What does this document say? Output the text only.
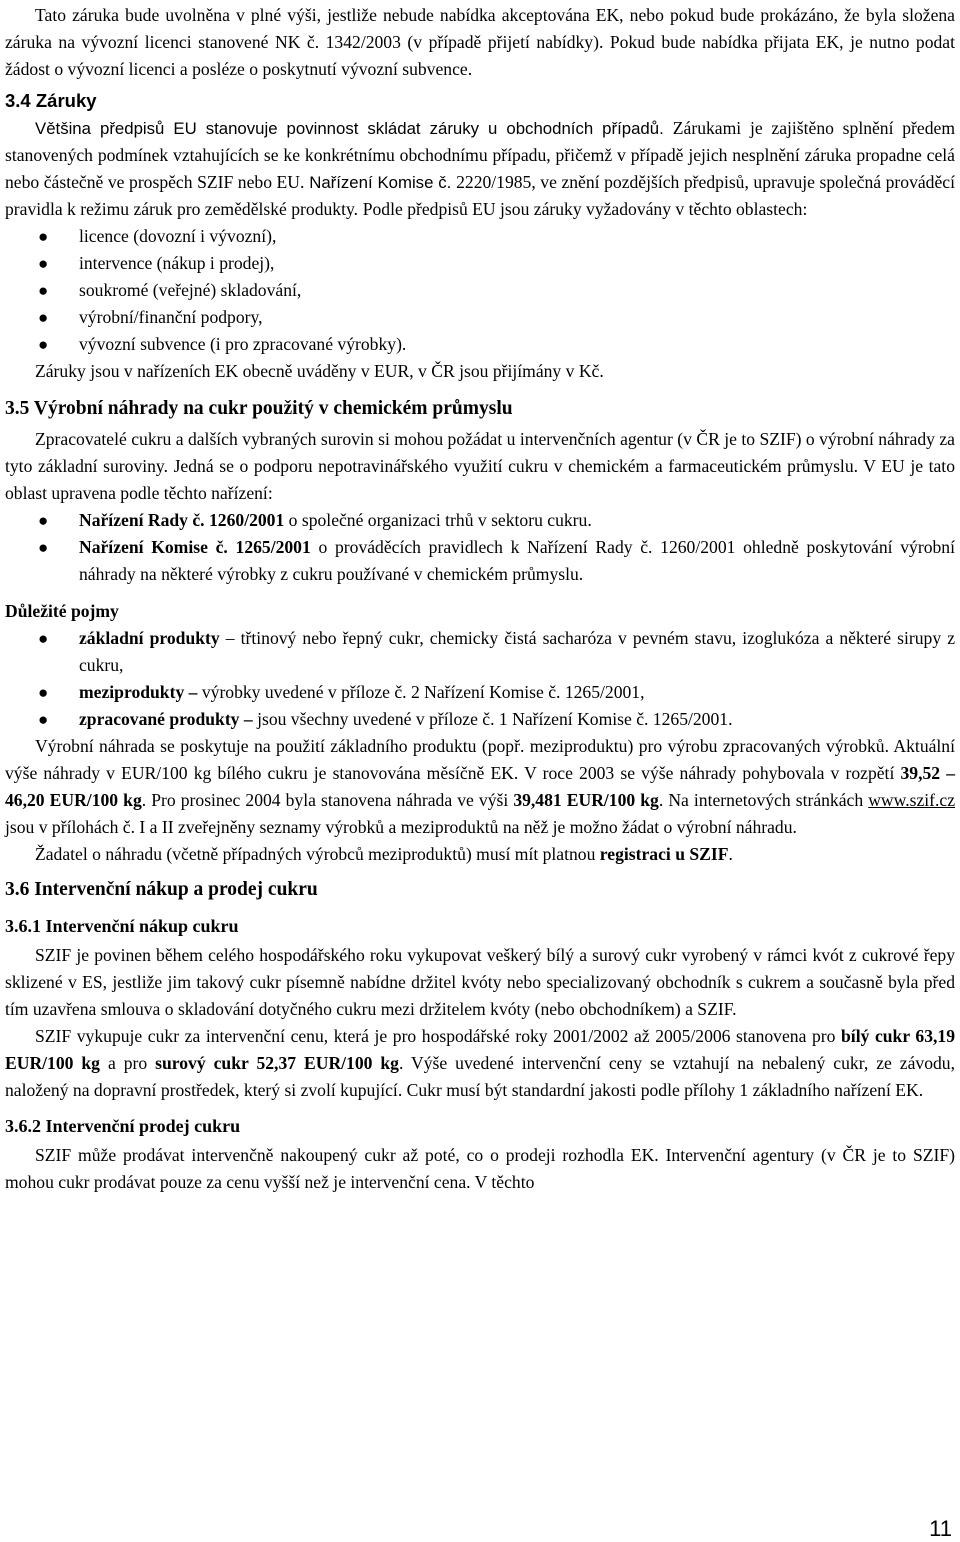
Tato záruka bude uvolněna v plné výši, jestliže nebude nabídka akceptována EK, nebo pokud bude prokázáno, že byla složena záruka na vývozní licenci stanovené NK č. 1342/2003 (v případě přijetí nabídky). Pokud bude nabídka přijata EK, je nutno podat žádost o vývozní licenci a posléze o poskytnutí vývozní subvence.

3.4 Záruky

Většina předpisů EU stanovuje povinnost skládat záruky u obchodních případů. Zárukami je zajištěno splnění předem stanovených podmínek vztahujících se ke konkrétnímu obchodnímu případu, přičemž v případě jejich nesplnění záruka propadne celá nebo částečně ve prospěch SZIF nebo EU. Nařízení Komise č. 2220/1985, ve znění pozdějších předpisů, upravuje společná prováděcí pravidla k režimu záruk pro zemědělské produkty. Podle předpisů EU jsou záruky vyžadovány v těchto oblastech:

● licence (dovozní i vývozní),
● intervence (nákup i prodej),
● soukromé (veřejné) skladování,
● výrobní/finanční podpory,
● vývozní subvence (i pro zpracované výrobky).

Záruky jsou v nařízeních EK obecně uváděny v EUR, v ČR jsou přijímány v Kč.

3.5 Výrobní náhrady na cukr použitý v chemickém průmyslu

Zpracovatelé cukru a dalších vybraných surovin si mohou požádat u intervenčních agentur (v ČR je to SZIF) o výrobní náhrady za tyto základní suroviny. Jedná se o podporu nepotravinářského využití cukru v chemickém a farmaceutickém průmyslu. V EU je tato oblast upravena podle těchto nařízení:

● Nařízení Rady č. 1260/2001 o společné organizaci trhů v sektoru cukru.
● Nařízení Komise č. 1265/2001 o prováděcích pravidlech k Nařízení Rady č. 1260/2001 ohledně poskytování výrobní náhrady na některé výrobky z cukru používané v chemickém průmyslu.
Důležité pojmy
● základní produkty – třtinový nebo řepný cukr, chemicky čistá sacharóza v pevném stavu, izoglukóza a některé sirupy z cukru,
● meziprodukty – výrobky uvedené v příloze č. 2 Nařízení Komise č. 1265/2001,
● zpracované produkty – jsou všechny uvedené v příloze č. 1 Nařízení Komise č. 1265/2001.

Výrobní náhrada se poskytuje na použití základního produktu (popř. meziproduktu) pro výrobu zpracovaných výrobků. Aktuální výše náhrady v EUR/100 kg bílého cukru je stanovována měsíčně EK. V roce 2003 se výše náhrady pohybovala v rozpětí 39,52 – 46,20 EUR/100 kg. Pro prosinec 2004 byla stanovena náhrada ve výši 39,481 EUR/100 kg. Na internetových stránkách www.szif.cz jsou v přílohách č. I a II zveřejněny seznamy výrobků a meziproduktů na něž je možno žádat o výrobní náhradu.

Žadatel o náhradu (včetně případných výrobců meziproduktů) musí mít platnou registraci u SZIF.

3.6 Intervenční nákup a prodej cukru
3.6.1 Intervenční nákup cukru

SZIF je povinen během celého hospodářského roku vykupovat veškerý bílý a surový cukr vyrobený v rámci kvót z cukrové řepy sklizené v ES, jestliže jim takový cukr písemně nabídne držitel kvóty nebo specializovaný obchodník s cukrem a současně byla před tím uzavřena smlouva o skladování dotyčného cukru mezi držitelem kvóty (nebo obchodníkem) a SZIF.

SZIF vykupuje cukr za intervenční cenu, která je pro hospodářské roky 2001/2002 až 2005/2006 stanovena pro bílý cukr 63,19 EUR/100 kg a pro surový cukr 52,37 EUR/100 kg. Výše uvedené intervenční ceny se vztahují na nebalený cukr, ze závodu, naložený na dopravní prostředek, který si zvolí kupující. Cukr musí být standardní jakosti podle přílohy 1 základního nařízení EK.

3.6.2 Intervenční prodej cukru

SZIF může prodávat intervenčně nakoupený cukr až poté, co o prodeji rozhodla EK. Intervenční agentury (v ČR je to SZIF) mohou cukr prodávat pouze za cenu vyšší než je intervenční cena. V těchto

11
